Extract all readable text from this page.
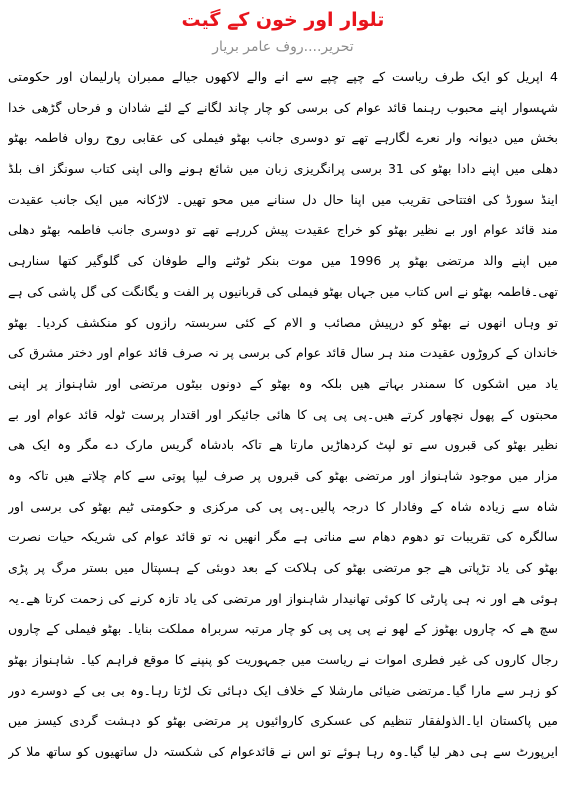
تلوار اور خون کے گیت
تحریر....روف عامر بریار
4 اپریل کو ایک طرف ریاست کے چپے چپے سے انے والے لاکھوں جیالے ممبران پارلیمان اور حکومتی
شہسوار اپنے محبوب رہنما قائد عوام کی برسی کو چار چاند لگانے کے لئے شادان و فرحاں گڑھی خدا
بخش میں دیوانہ وار نعرے لگارہے تھے تو دوسری جانب بھٹو فیملی کی عقابی روح رواں فاطمہ بھٹو
دھلی میں اپنے دادا بھٹو کی 31 برسی پرانگریزی زبان میں شائع ہونے والی اپنی کتاب سونگز اف بلڈ
اینڈ سورڈ کی افتتاحی تقریب میں اپنا حال دل سنانے میں محو تھیں۔ لاڑکانہ میں ایک جانب عقیدت
مند قائد عوام اور بے نظیر بھٹو کو خراج عقیدت پیش کررہے تھے تو دوسری جانب فاطمہ بھٹو دھلی
میں اپنے والد مرتضی بھٹو پر 1996 میں موت بنکر ٹوٹنے والے طوفان کی گلوگیر کتھا سنارہی
تھی۔فاطمہ بھٹو نے اس کتاب میں جہاں بھٹو فیملی کی قربانیوں پر الفت و یگانگت کی گل پاشی کی ہے
تو وہاں انھوں نے بھٹو کو درپیش مصائب و الام کے کئی سربستہ رازوں کو منکشف کردیا۔ بھٹو
خاندان کے کروڑوں عقیدت مند ہر سال قائد عوام کی برسی پر نہ صرف قائد عوام اور دختر مشرق کی
یاد میں اشکوں کا سمندر بہاتے ھیں بلکہ وہ بھٹو کے دونوں بیٹوں مرتضی اور شاہنواز پر اپنی
محبتوں کے پھول نچھاور کرتے ھیں۔پی پی پی کا ھائی جائیکر اور اقتدار پرست ٹولہ قائد عوام اور بے
نظیر بھٹو کی قبروں سے تو لپٹ کردھاڑیں مارتا ھے تاکہ بادشاہ گریس مارک دے مگر وہ ایک ھی
مزار میں موجود شاہنواز اور مرتضی بھٹو کی قبروں پر صرف لیپا پوتی سے کام چلاتے ھیں تاکہ وہ
شاہ سے زیادہ شاہ کے وفادار کا درجہ پالیں۔پی پی کی مرکزی و حکومتی ٹیم بھٹو کی برسی اور
سالگرہ کی تقریبات تو دھوم دھام سے مناتی ہے مگر انھیں نہ تو قائد عوام کی شریکہ حیات نصرت
بھٹو کی یاد تڑپاتی ھے جو مرتضی بھٹو کی ہلاکت کے بعد دوبئی کے ہسپتال میں بستر مرگ پر پڑی
ہوئی ھے اور نہ ہی پارٹی کا کوئی تھانیدار شاہنواز اور مرتضی کی یاد تازہ کرنے کی زحمت کرتا ھے۔یہ
سچ ھے کہ چاروں بھٹوز کے لھو نے پی پی پی کو چار مرتبہ سربراہ مملکت بنایا۔ بھٹو فیملی کے چاروں
رجال کاروں کی غیر فطری اموات نے ریاست میں جمہوریت کو پنپنے کا موقع فراہم کیا۔ شاہنواز بھٹو
کو زہر سے مارا گیا۔مرتضی ضیائی مارشلا کے خلاف ایک دہائی تک لڑتا رہا۔وہ بی بی کے دوسرے دور
میں پاکستان ایا۔الذولفقار تنظیم کی عسکری کاروائیوں پر مرتضی بھٹو کو دہشت گردی کیسز میں
ایرپورٹ سے ہی دھر لیا گیا۔وہ رہا ہوئے تو اس نے قائدعوام کی شکستہ دل ساتھیوں کو ساتھ ملا کر
